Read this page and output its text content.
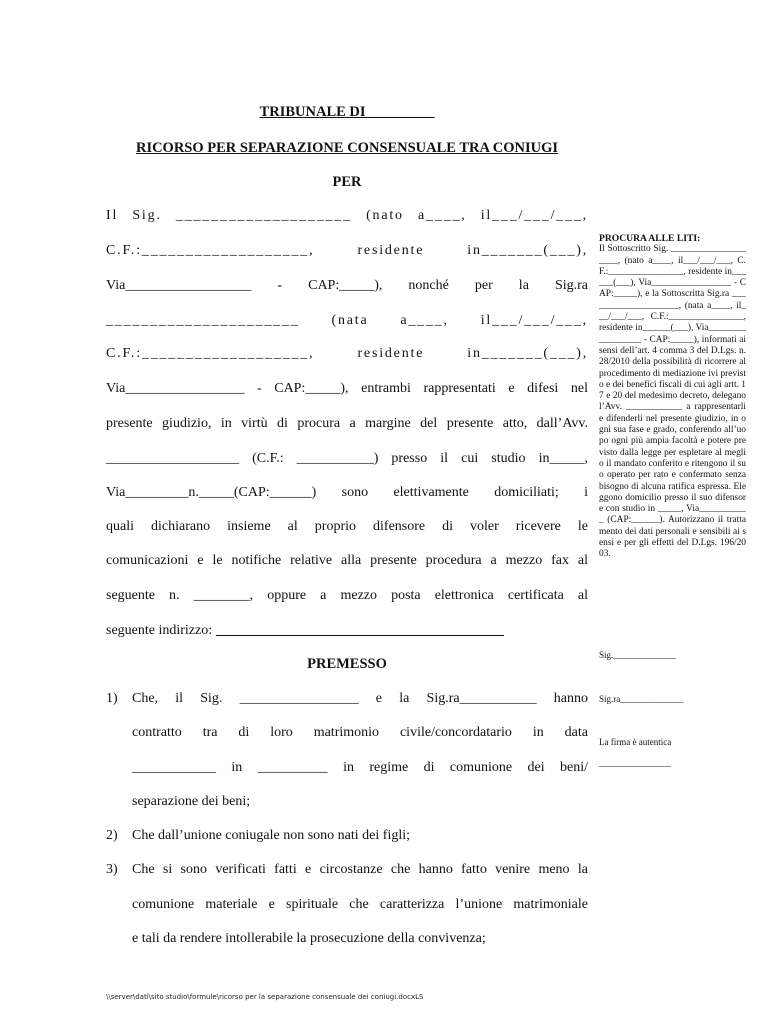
TRIBUNALE DI _________
RICORSO PER SEPARAZIONE CONSENSUALE TRA CONIUGI
PER
Il Sig. ____________________ (nato a____, il___/___/___,
C.F.:___________________, residente in_______(___),
Via__________________ - CAP:_____), nonché per la Sig.ra
______________________ (nata a____, il___/___/___,
C.F.:___________________, residente in_______(___),
Via_________________ - CAP:_____), entrambi rappresentati e difesi nel
presente giudizio, in virtù di procura a margine del presente atto, dall’Avv.
___________________ (C.F.: ___________) presso il cui studio in_____,
Via_________n._____(CAP:______) sono elettivamente domiciliati; i
quali dichiarano insieme al proprio difensore di voler ricevere le
comunicazioni e le notifiche relative alla presente procedura a mezzo fax al
seguente n. ________, oppure a mezzo posta elettronica certificata al
seguente indirizzo:
PREMESSO
1) Che, il Sig. _________________ e la Sig.ra___________ hanno
contratto tra di loro matrimonio civile/concordatario in data
____________ in __________ in regime di comunione dei beni/
separazione dei beni;
2) Che dall’unione coniugale non sono nati dei figli;
3) Che si sono verificati fatti e circostanze che hanno fatto venire meno la
comunione materiale e spirituale che caratterizza l’unione matrimoniale
e tali da rendere intollerabile la prosecuzione della convivenza;
PROCURA ALLE LITI:
Il Sottoscritto Sig. ____________________, (nato a____, il___/___/___, C.F.:________________, residente in______(___), Via_________________ - CAP:_____), e la Sottoscritta Sig.ra ____________________, (nata a____, il___/___/___, C.F.:________________, residente in______(___), Via_________________ - CAP:_____), informati ai sensi dell’art. 4 comma 3 del D.Lgs. n. 28/2010 della possibilità di ricorrere al procedimento di mediazione ivi previsto e dei benefici fiscali di cui agli artt. 17 e 20 del medesimo decreto, delegano l’Avv. ____________ a rappresentarli e difenderli nel presente giudizio, in ogni sua fase e grado, conferendo all’uopo ogni più ampia facoltà e potere previsto dalla legge per espletare al meglio il mandato conferito e ritengono il suo operato per rato e confermato senza bisogno di alcuna ratifica espressa. Eleggono domicilio presso il suo difensore con studio in _____, Via___________ (CAP:______). Autorizzano il trattamento dei dati personali e sensibili ai sensi e per gli effetti del D.Lgs. 196/2003.
Sig.______________
Sig.ra______________
La firma è autentica
________________
\\server\dati\sito studio\formule\ricorso per la separazione consensuale dei coniugi.docxLS
